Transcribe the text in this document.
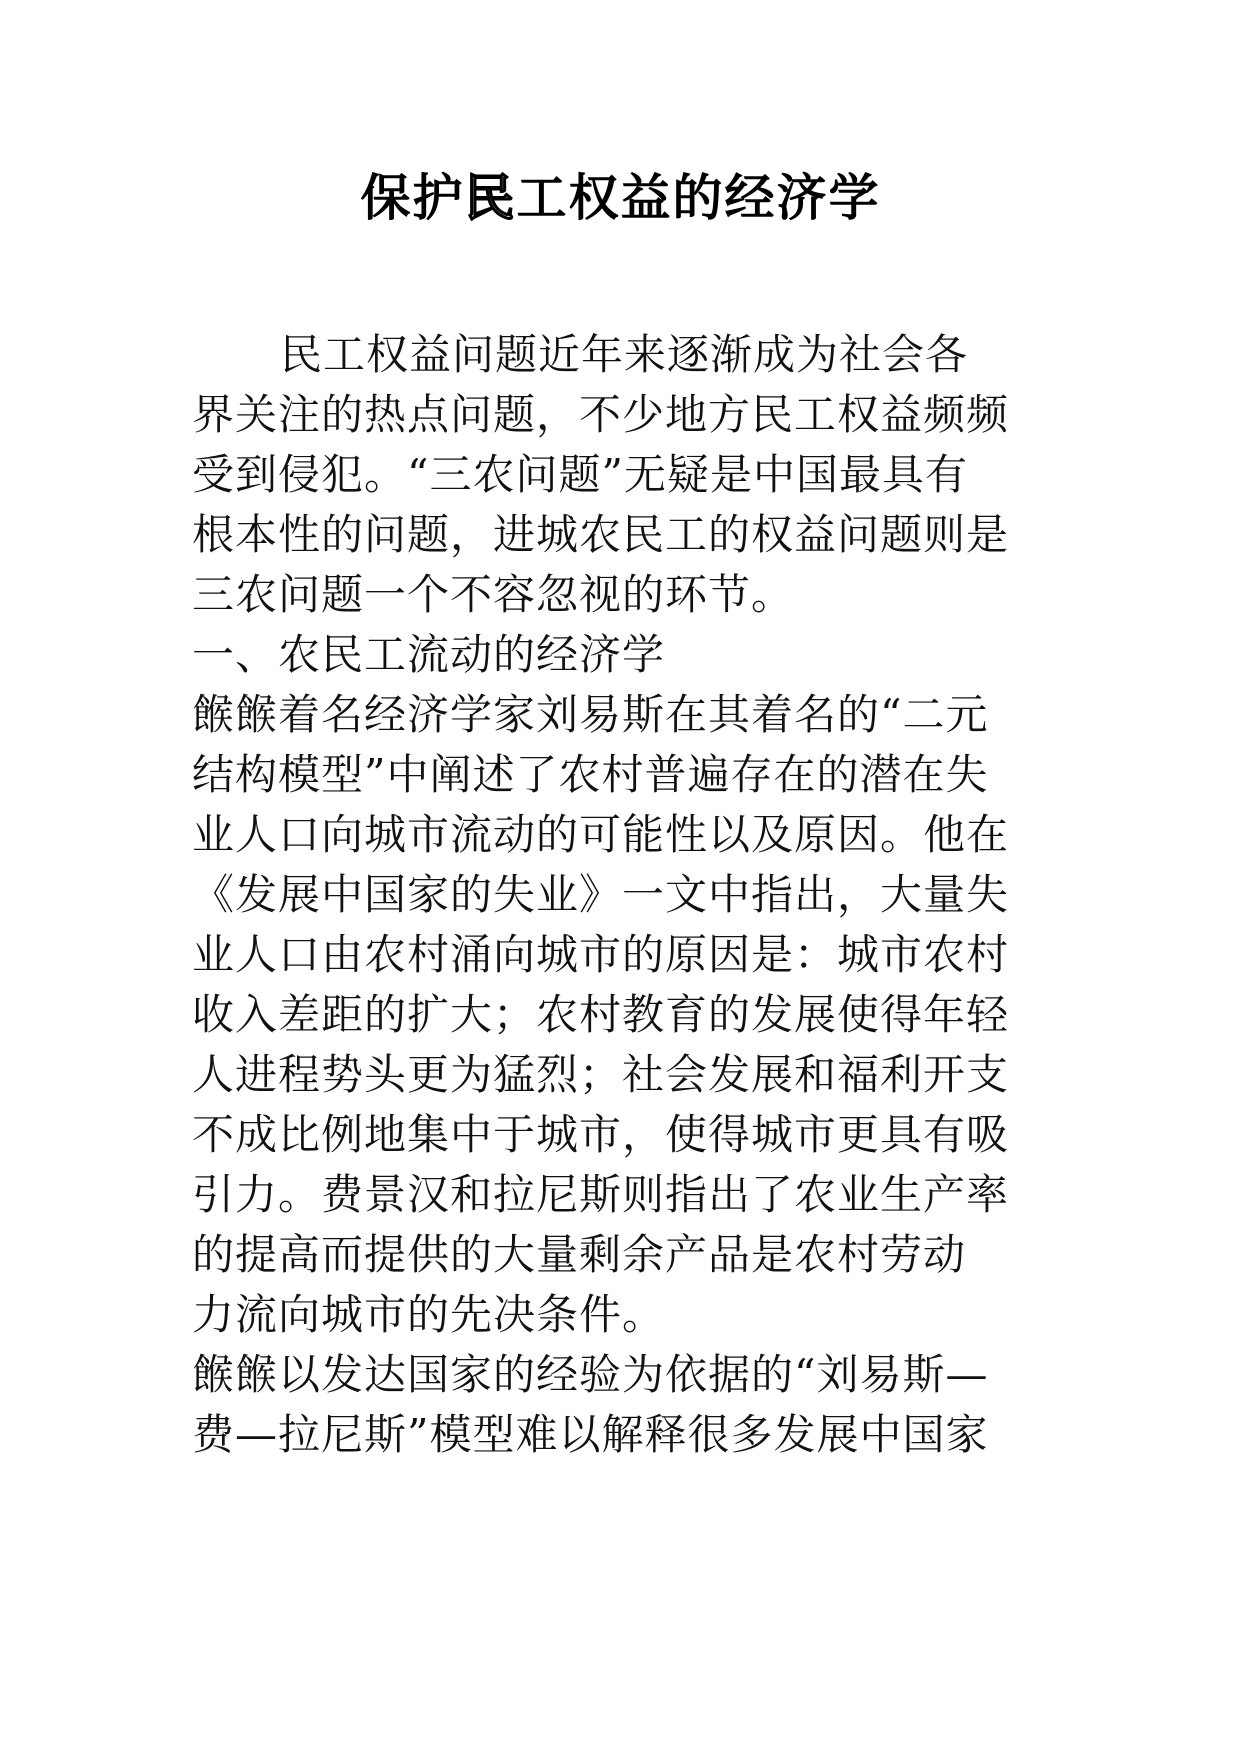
保护民工权益的经济学
民工权益问题近年来逐渐成为社会各
界关注的热点问题，不少地方民工权益频频
受到侵犯。“三农问题”无疑是中国最具有
根本性的问题，进城农民工的权益问题则是
三农问题一个不容忽视的环节。
一、农民工流动的经济学
餱餱着名经济学家刘易斯在其着名的“二元
结构模型”中阐述了农村普遍存在的潜在失
业人口向城市流动的可能性以及原因。他在
《发展中国家的失业》一文中指出，大量失
业人口由农村涌向城市的原因是：城市农村
收入差距的扩大；农村教育的发展使得年轻
人进程势头更为猛烈；社会发展和福利开支
不成比例地集中于城市，使得城市更具有吸
引力。费景汉和拉尼斯则指出了农业生产率
的提高而提供的大量剩余产品是农村劳动
力流向城市的先决条件。
餱餱以发达国家的经验为依据的“刘易斯—
费—拉尼斯”模型难以解释很多发展中国家
